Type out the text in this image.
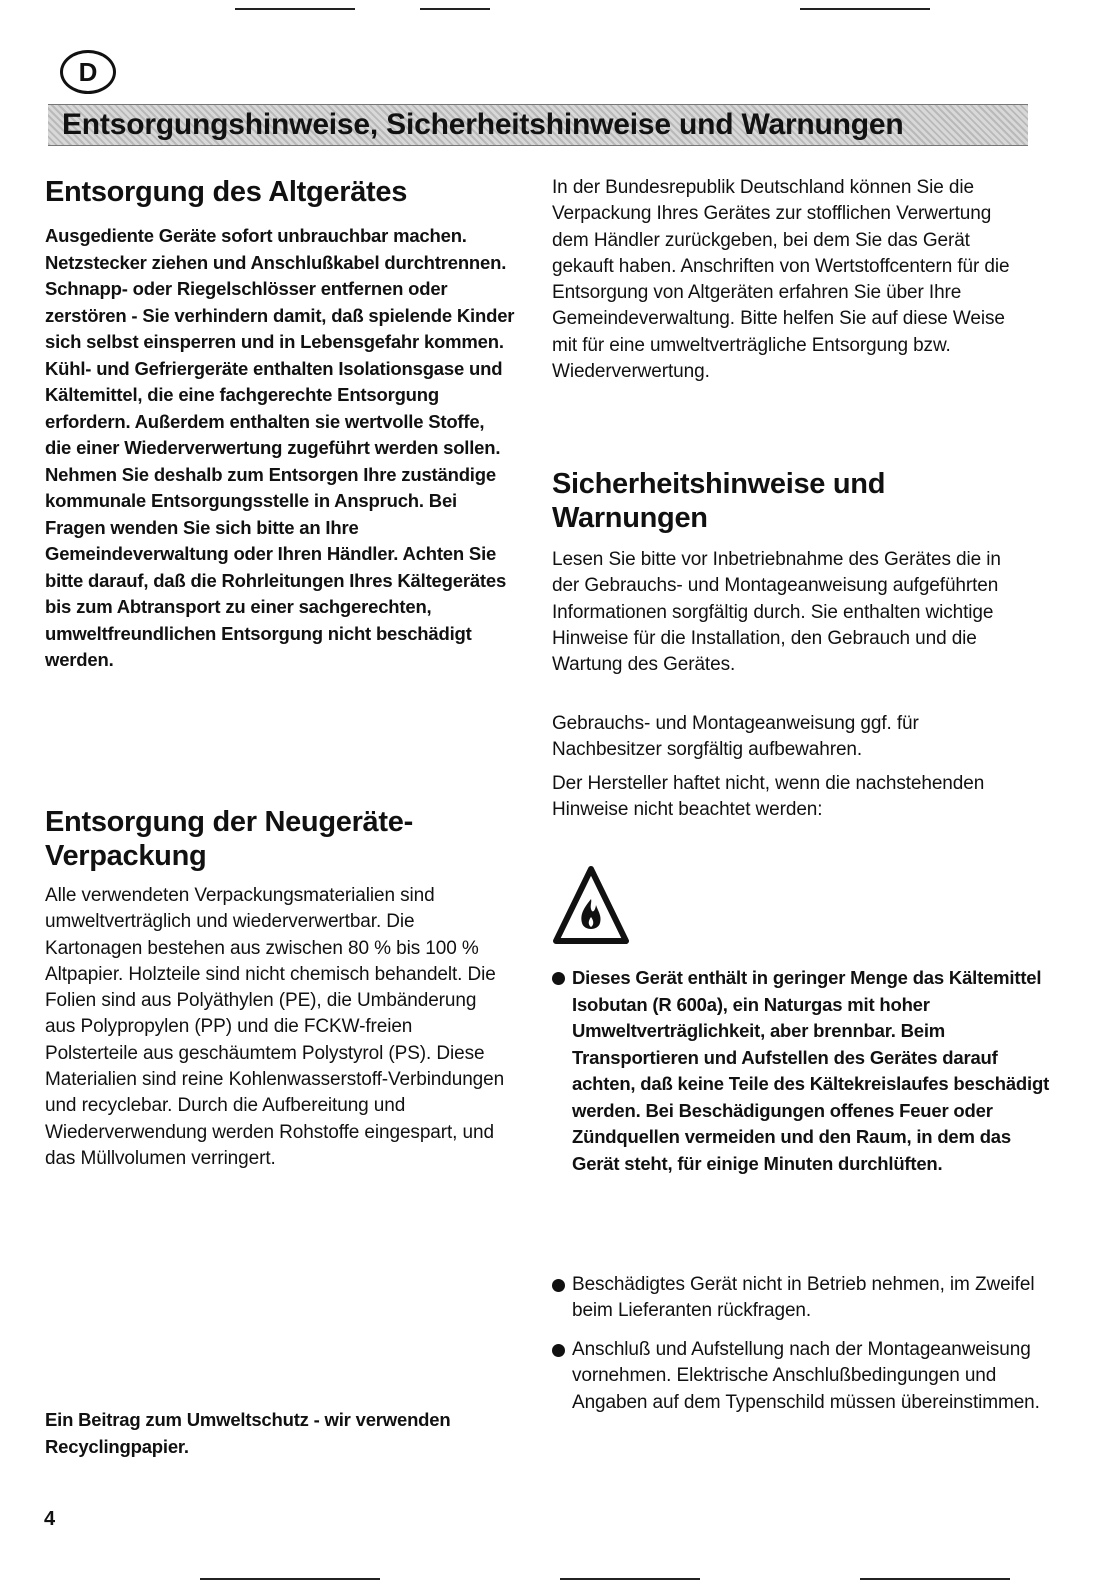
D
Entsorgungshinweise, Sicherheitshinweise und Warnungen
Entsorgung des Altgerätes

Ausgediente Geräte sofort unbrauchbar machen. Netzstecker ziehen und Anschlußkabel durchtrennen. Schnapp- oder Riegelschlösser entfernen oder zerstören - Sie verhindern damit, daß spielende Kinder sich selbst einsperren und in Lebensgefahr kommen. Kühl- und Gefriergeräte enthalten Isolationsgase und Kältemittel, die eine fachgerechte Entsorgung erfordern. Außerdem enthalten sie wertvolle Stoffe, die einer Wiederverwertung zugeführt werden sollen. Nehmen Sie deshalb zum Entsorgen Ihre zuständige kommunale Entsorgungsstelle in Anspruch. Bei Fragen wenden Sie sich bitte an Ihre Gemeindeverwaltung oder Ihren Händler. Achten Sie bitte darauf, daß die Rohrleitungen Ihres Kältegerätes bis zum Abtransport zu einer sachgerechten, umweltfreundlichen Entsorgung nicht beschädigt werden.

Entsorgung der Neugeräte-Verpackung

Alle verwendeten Verpackungsmaterialien sind umweltverträglich und wiederverwertbar. Die Kartonagen bestehen aus zwischen 80 % bis 100 % Altpapier. Holzteile sind nicht chemisch behandelt. Die Folien sind aus Polyäthylen (PE), die Umbänderung aus Polypropylen (PP) und die FCKW-freien Polsterteile aus geschäumtem Polystyrol (PS). Diese Materialien sind reine Kohlenwasserstoff-Verbindungen und recyclebar. Durch die Aufbereitung und Wiederverwendung werden Rohstoffe eingespart, und das Müllvolumen verringert.

Ein Beitrag zum Umweltschutz - wir verwenden Recyclingpapier.

In der Bundesrepublik Deutschland können Sie die Verpackung Ihres Gerätes zur stofflichen Verwertung dem Händler zurückgeben, bei dem Sie das Gerät gekauft haben. Anschriften von Wertstoffcentern für die Entsorgung von Altgeräten erfahren Sie über Ihre Gemeindeverwaltung. Bitte helfen Sie auf diese Weise mit für eine umweltverträgliche Entsorgung bzw. Wiederverwertung.

Sicherheitshinweise und Warnungen

Lesen Sie bitte vor Inbetriebnahme des Gerätes die in der Gebrauchs- und Montageanweisung aufgeführten Informationen sorgfältig durch. Sie enthalten wichtige Hinweise für die Installation, den Gebrauch und die Wartung des Gerätes.

Gebrauchs- und Montageanweisung ggf. für Nachbesitzer sorgfältig aufbewahren.

Der Hersteller haftet nicht, wenn die nachstehenden Hinweise nicht beachtet werden:

Dieses Gerät enthält in geringer Menge das Kältemittel Isobutan (R 600a), ein Naturgas mit hoher Umweltverträglichkeit, aber brennbar. Beim Transportieren und Aufstellen des Gerätes darauf achten, daß keine Teile des Kältekreislaufes beschädigt werden. Bei Beschädigungen offenes Feuer oder Zündquellen vermeiden und den Raum, in dem das Gerät steht, für einige Minuten durchlüften.

Beschädigtes Gerät nicht in Betrieb nehmen, im Zweifel beim Lieferanten rückfragen.

Anschluß und Aufstellung nach der Montageanweisung vornehmen. Elektrische Anschlußbedingungen und Angaben auf dem Typenschild müssen übereinstimmen.

4
